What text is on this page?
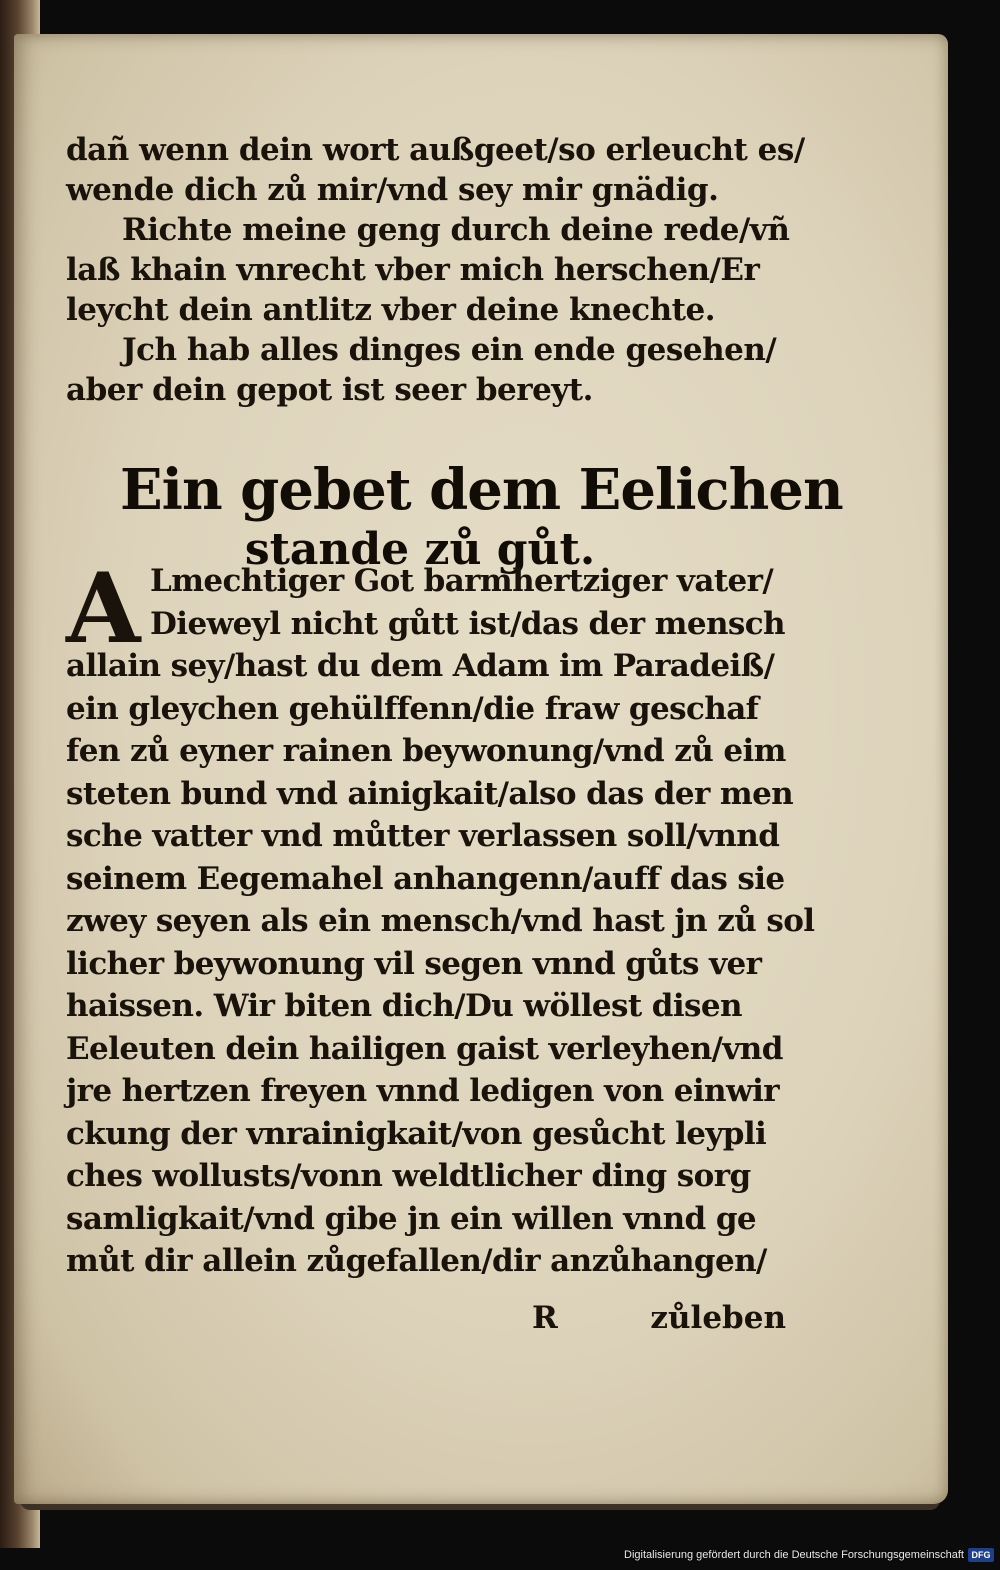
dañ wenn dein wort außgeet/so erleucht es/
wende dich zů mir/vnd sey mir gnädig.
Richte meine geng durch deine rede/vñ
laß khain vnrecht vber mich herschen/Er
leycht dein antlitz vber deine knechte.
Jch hab alles dinges ein ende gesehen/
aber dein gepot ist seer bereyt.
Ein gebet dem Eelichen
stande zů gůt.
A Lmechtiger Got barmhertziger vater/
Dieweyl nicht gůtt ist/das der mensch
allain sey/hast du dem Adam im Paradeiß/
ein gleychen gehülffenn/die fraw geschaf
fen zů eyner rainen beywonung/vnd zů eim
steten bund vnd ainigkait/also das der men
sche vatter vnd můtter verlassen soll/vnnd
seinem Eegemahel anhangenn/auff das sie
zwey seyen als ein mensch/vnd hast jn zů sol
licher beywonung vil segen vnnd gůts ver
haissen. Wir biten dich/Du wöllest disen
Eeleuten dein hailigen gaist verleyhen/vnd
jre hertzen freyen vnnd ledigen von einwir
ckung der vnrainigkait/von gesůcht leypli
ches wollusts/vonn weldtlicher ding sorg
samligkait/vnd gibe jn ein willen vnnd ge
můt dir allein zůgefallen/dir anzůhangen/
R	zůleben
Digitalisierung gefördert durch die Deutsche Forschungsgemeinschaft DFG
